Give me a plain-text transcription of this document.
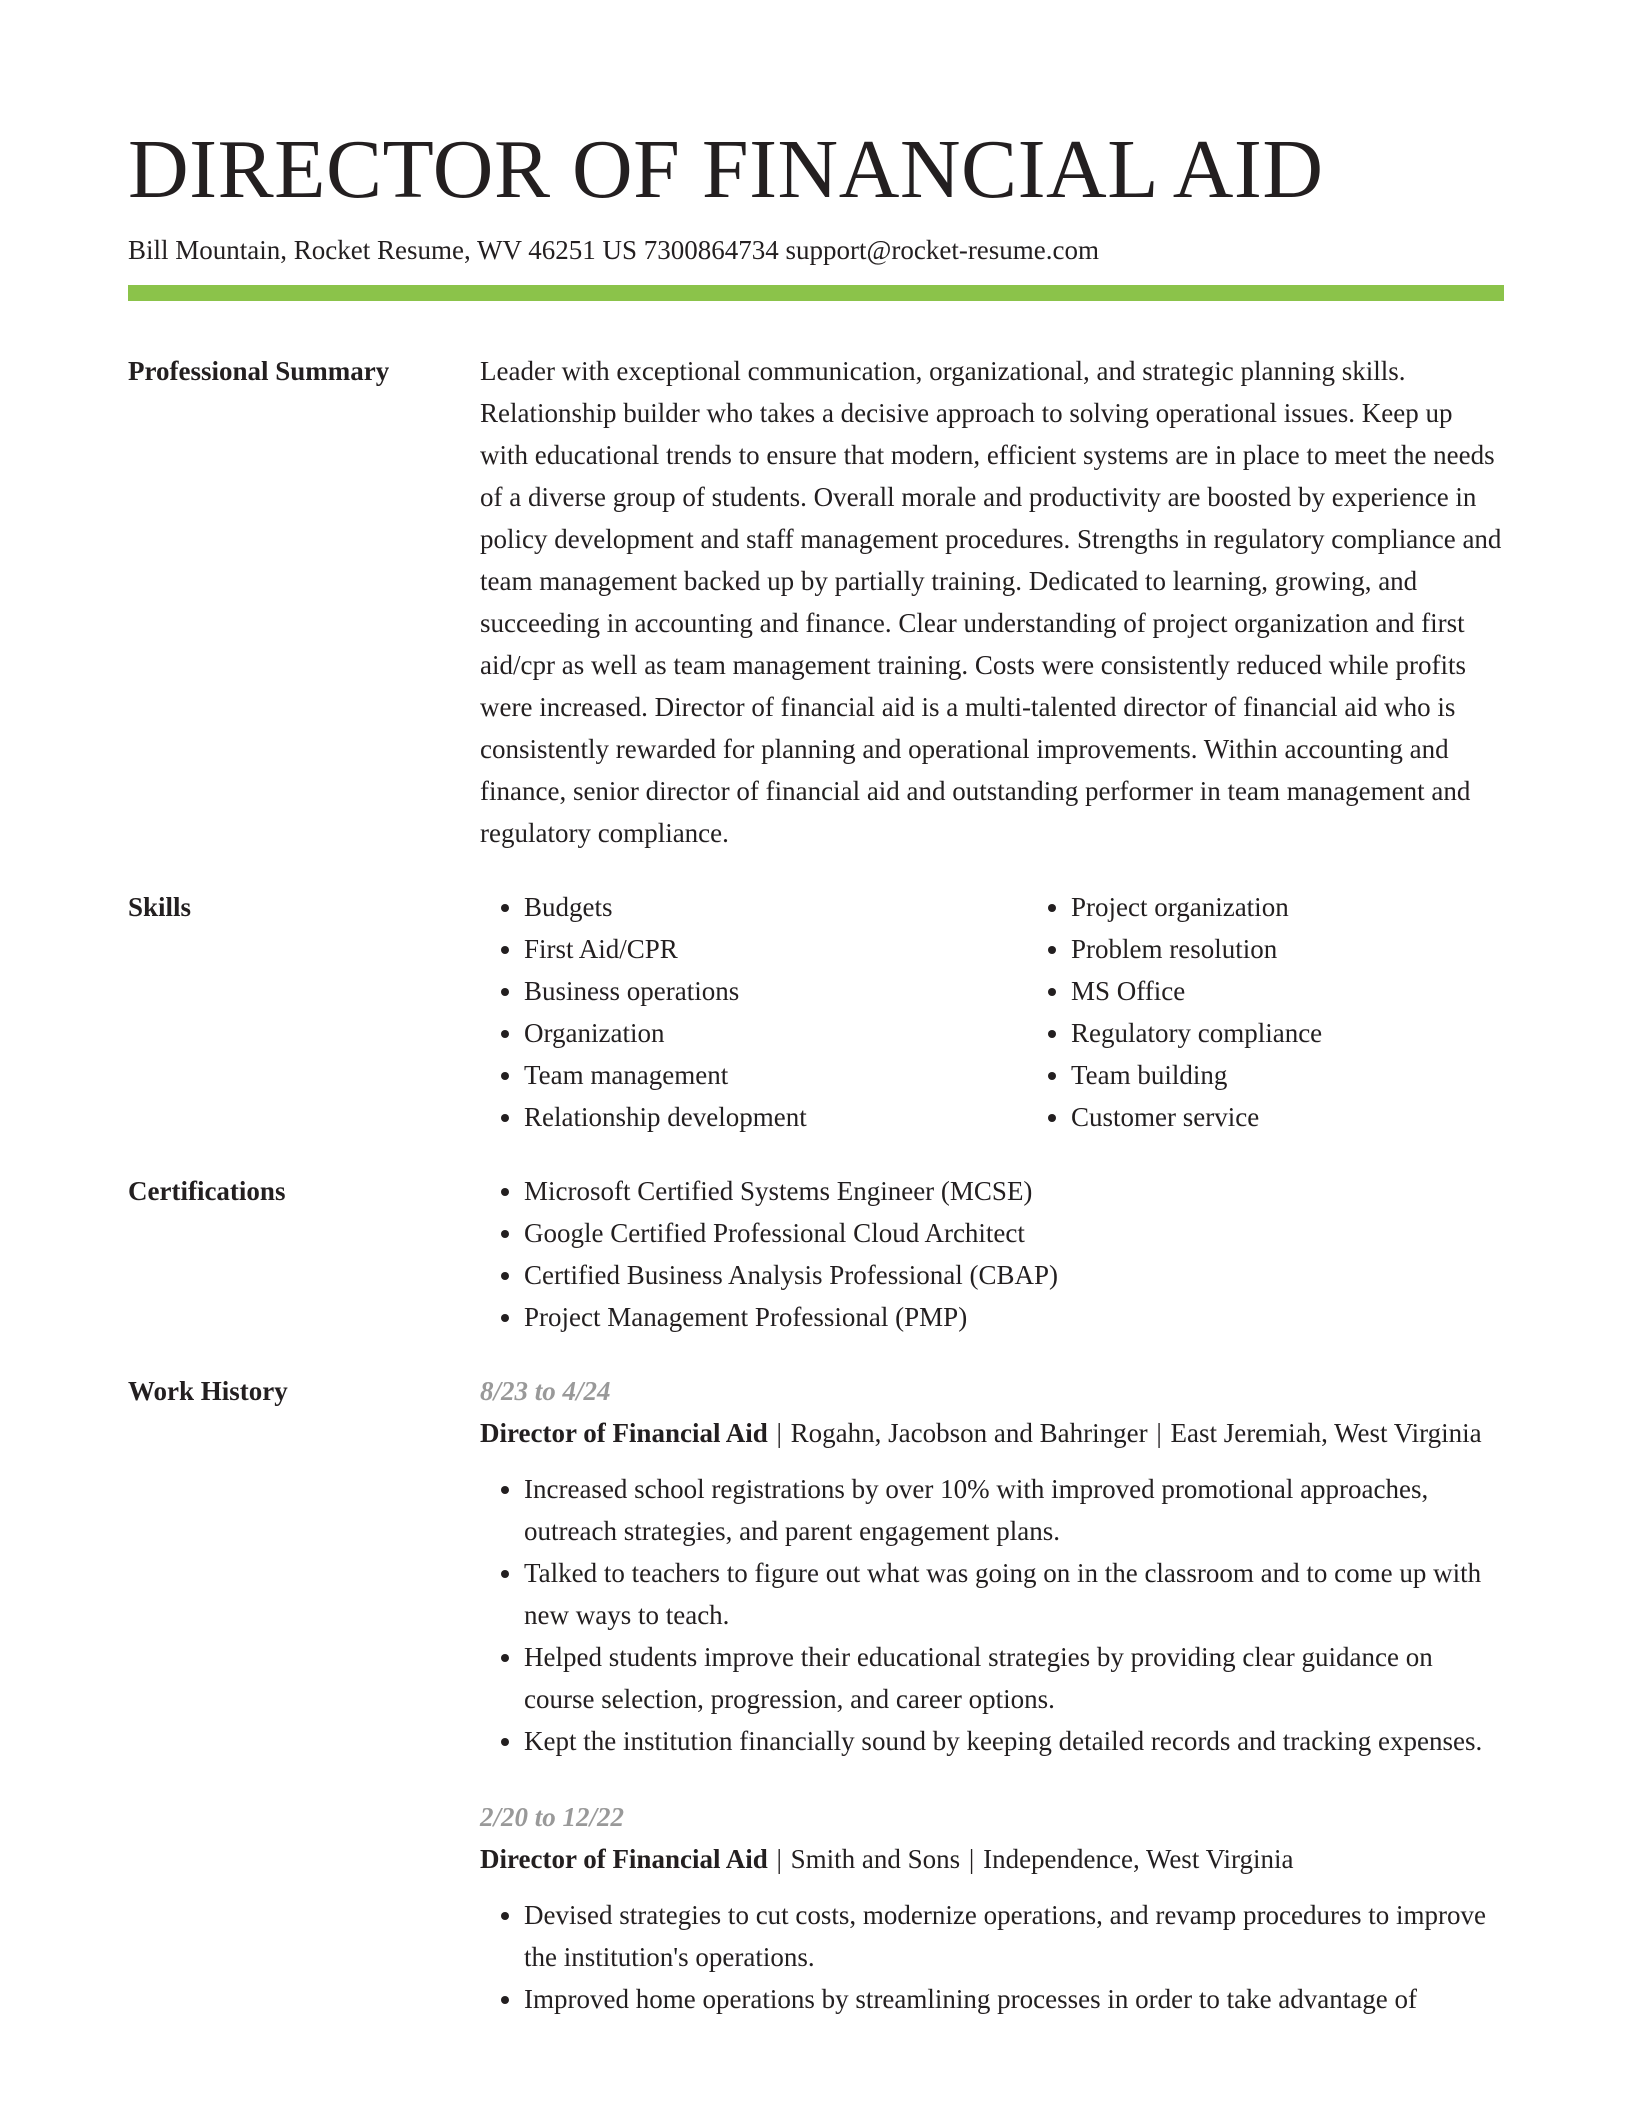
DIRECTOR OF FINANCIAL AID
Bill Mountain, Rocket Resume, WV 46251 US 7300864734 support@rocket-resume.com
Professional Summary	Leader with exceptional communication, organizational, and strategic planning skills. Relationship builder who takes a decisive approach to solving operational issues. Keep up with educational trends to ensure that modern, efficient systems are in place to meet the needs of a diverse group of students. Overall morale and productivity are boosted by experience in policy development and staff management procedures. Strengths in regulatory compliance and team management backed up by partially training. Dedicated to learning, growing, and succeeding in accounting and finance. Clear understanding of project organization and first aid/cpr as well as team management training. Costs were consistently reduced while profits were increased. Director of financial aid is a multi-talented director of financial aid who is consistently rewarded for planning and operational improvements. Within accounting and finance, senior director of financial aid and outstanding performer in team management and regulatory compliance.

Skills	• Budgets
• First Aid/CPR
• Business operations
• Organization
• Team management
• Relationship development
• Project organization
• Problem resolution
• MS Office
• Regulatory compliance
• Team building
• Customer service
Certifications	• Microsoft Certified Systems Engineer (MCSE)
• Google Certified Professional Cloud Architect
• Certified Business Analysis Professional (CBAP)
• Project Management Professional (PMP)
Work History	8/23 to 4/24
Director of Financial Aid | Rogahn, Jacobson and Bahringer | East Jeremiah, West Virginia
• Increased school registrations by over 10% with improved promotional approaches, outreach strategies, and parent engagement plans.
• Talked to teachers to figure out what was going on in the classroom and to come up with new ways to teach.
• Helped students improve their educational strategies by providing clear guidance on course selection, progression, and career options.
• Kept the institution financially sound by keeping detailed records and tracking expenses.
2/20 to 12/22
Director of Financial Aid | Smith and Sons | Independence, West Virginia
• Devised strategies to cut costs, modernize operations, and revamp procedures to improve the institution's operations.
• Improved home operations by streamlining processes in order to take advantage of
